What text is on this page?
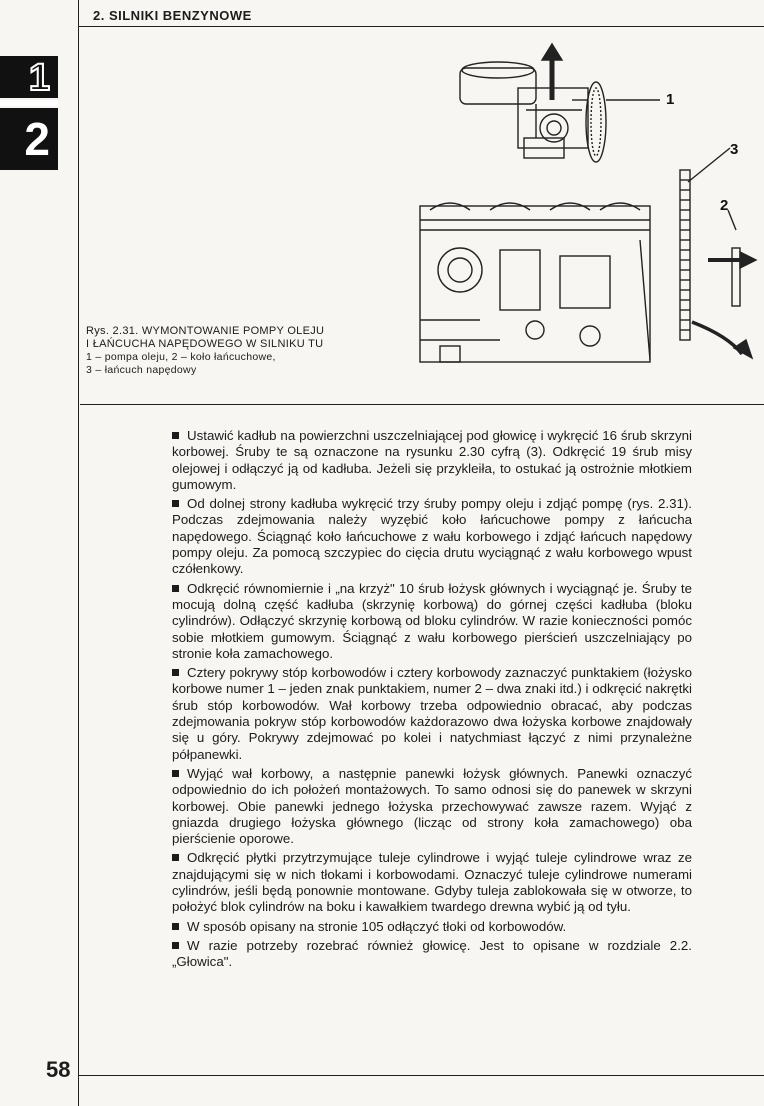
2. SILNIKI BENZYNOWE
1
2
1
3
2
Rys. 2.31. WYMONTOWANIE POMPY OLEJU
I ŁAŃCUCHA NAPĘDOWEGO W SILNIKU TU
1 – pompa oleju, 2 – koło łańcuchowe,
3 – łańcuch napędowy

Ustawić kadłub na powierzchni uszczelniającej pod głowicę i wykręcić 16 śrub skrzyni korbowej. Śruby te są oznaczone na rysunku 2.30 cyfrą (3). Odkręcić 19 śrub misy olejowej i odłączyć ją od kadłuba. Jeżeli się przykleiła, to ostukać ją ostrożnie młotkiem gumowym.

Od dolnej strony kadłuba wykręcić trzy śruby pompy oleju i zdjąć pompę (rys. 2.31). Podczas zdejmowania należy wyzębić koło łańcuchowe pompy z łańcucha napędowego. Ściągnąć koło łańcuchowe z wału korbowego i zdjąć łańcuch napędowy pompy oleju. Za pomocą szczypiec do cięcia drutu wyciągnąć z wału korbowego wpust czółenkowy.

Odkręcić równomiernie i „na krzyż" 10 śrub łożysk głównych i wyciągnąć je. Śruby te mocują dolną część kadłuba (skrzynię korbową) do górnej części kadłuba (bloku cylindrów). Odłączyć skrzynię korbową od bloku cylindrów. W razie konieczności pomóc sobie młotkiem gumowym. Ściągnąć z wału korbowego pierścień uszczelniający po stronie koła zamachowego.

Cztery pokrywy stóp korbowodów i cztery korbowody zaznaczyć punktakiem (łożysko korbowe numer 1 – jeden znak punktakiem, numer 2 – dwa znaki itd.) i odkręcić nakrętki śrub stóp korbowodów. Wał korbowy trzeba odpowiednio obracać, aby podczas zdejmowania pokryw stóp korbowodów każdorazowo dwa łożyska korbowe znajdowały się u góry. Pokrywy zdejmować po kolei i natychmiast łączyć z nimi przynależne półpanewki.

Wyjąć wał korbowy, a następnie panewki łożysk głównych. Panewki oznaczyć odpowiednio do ich położeń montażowych. To samo odnosi się do panewek w skrzyni korbowej. Obie panewki jednego łożyska przechowywać zawsze razem. Wyjąć z gniazda drugiego łożyska głównego (licząc od strony koła zamachowego) oba pierścienie oporowe.

Odkręcić płytki przytrzymujące tuleje cylindrowe i wyjąć tuleje cylindrowe wraz ze znajdującymi się w nich tłokami i korbowodami. Oznaczyć tuleje cylindrowe numerami cylindrów, jeśli będą ponownie montowane. Gdyby tuleja zablokowała się w otworze, to położyć blok cylindrów na boku i kawałkiem twardego drewna wybić ją od tyłu.

W sposób opisany na stronie 105 odłączyć tłoki od korbowodów.

W razie potrzeby rozebrać również głowicę. Jest to opisane w rozdziale 2.2. „Głowica".

58
